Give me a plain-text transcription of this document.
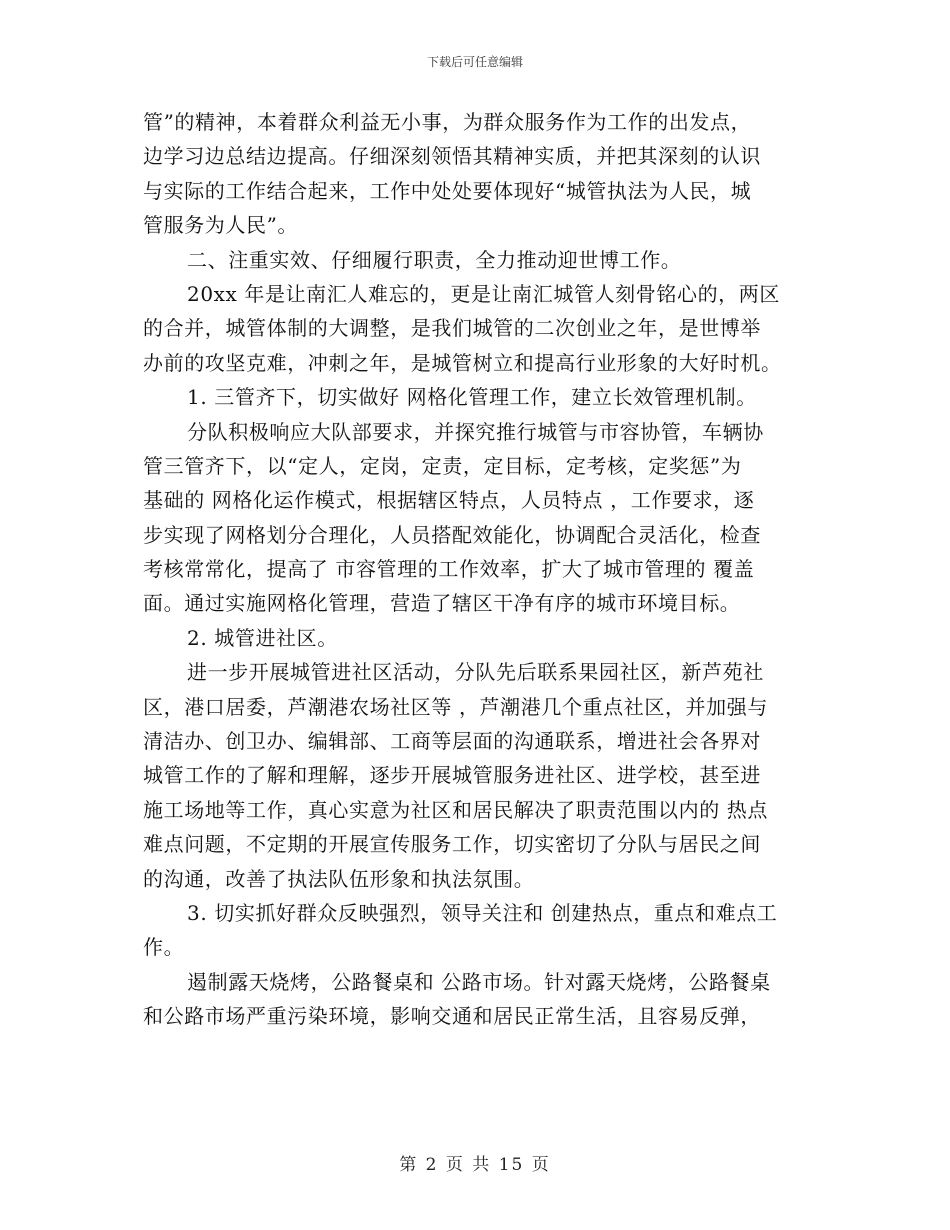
下载后可任意编辑
管”的精神，本着群众利益无小事，为群众服务作为工作的出发点，
边学习边总结边提高。仔细深刻领悟其精神实质，并把其深刻的认识
与实际的工作结合起来，工作中处处要体现好“城管执法为人民，城
管服务为人民”。
二、注重实效、仔细履行职责，全力推动迎世博工作。
20xx 年是让南汇人难忘的，更是让南汇城管人刻骨铭心的，两区
的合并，城管体制的大调整，是我们城管的二次创业之年，是世博举
办前的攻坚克难，冲刺之年，是城管树立和提高行业形象的大好时机。
1. 三管齐下，切实做好 网格化管理工作，建立长效管理机制。
分队积极响应大队部要求，并探究推行城管与市容协管，车辆协
管三管齐下，以“定人，定岗，定责，定目标，定考核，定奖惩”为
基础的 网格化运作模式，根据辖区特点，人员特点 ，工作要求，逐
步实现了网格划分合理化，人员搭配效能化，协调配合灵活化，检查
考核常常化，提高了 市容管理的工作效率，扩大了城市管理的 覆盖
面。通过实施网格化管理，营造了辖区干净有序的城市环境目标。
2. 城管进社区。
进一步开展城管进社区活动，分队先后联系果园社区，新芦苑社
区，港口居委，芦潮港农场社区等 ，芦潮港几个重点社区，并加强与
清洁办、创卫办、编辑部、工商等层面的沟通联系，增进社会各界对
城管工作的了解和理解，逐步开展城管服务进社区、进学校，甚至进
施工场地等工作，真心实意为社区和居民解决了职责范围以内的 热点
难点问题，不定期的开展宣传服务工作，切实密切了分队与居民之间
的沟通，改善了执法队伍形象和执法氛围。
3. 切实抓好群众反映强烈，领导关注和 创建热点，重点和难点工
作。
遏制露天烧烤，公路餐桌和 公路市场。针对露天烧烤，公路餐桌
和公路市场严重污染环境，影响交通和居民正常生活，且容易反弹，
第 2 页 共 15 页
